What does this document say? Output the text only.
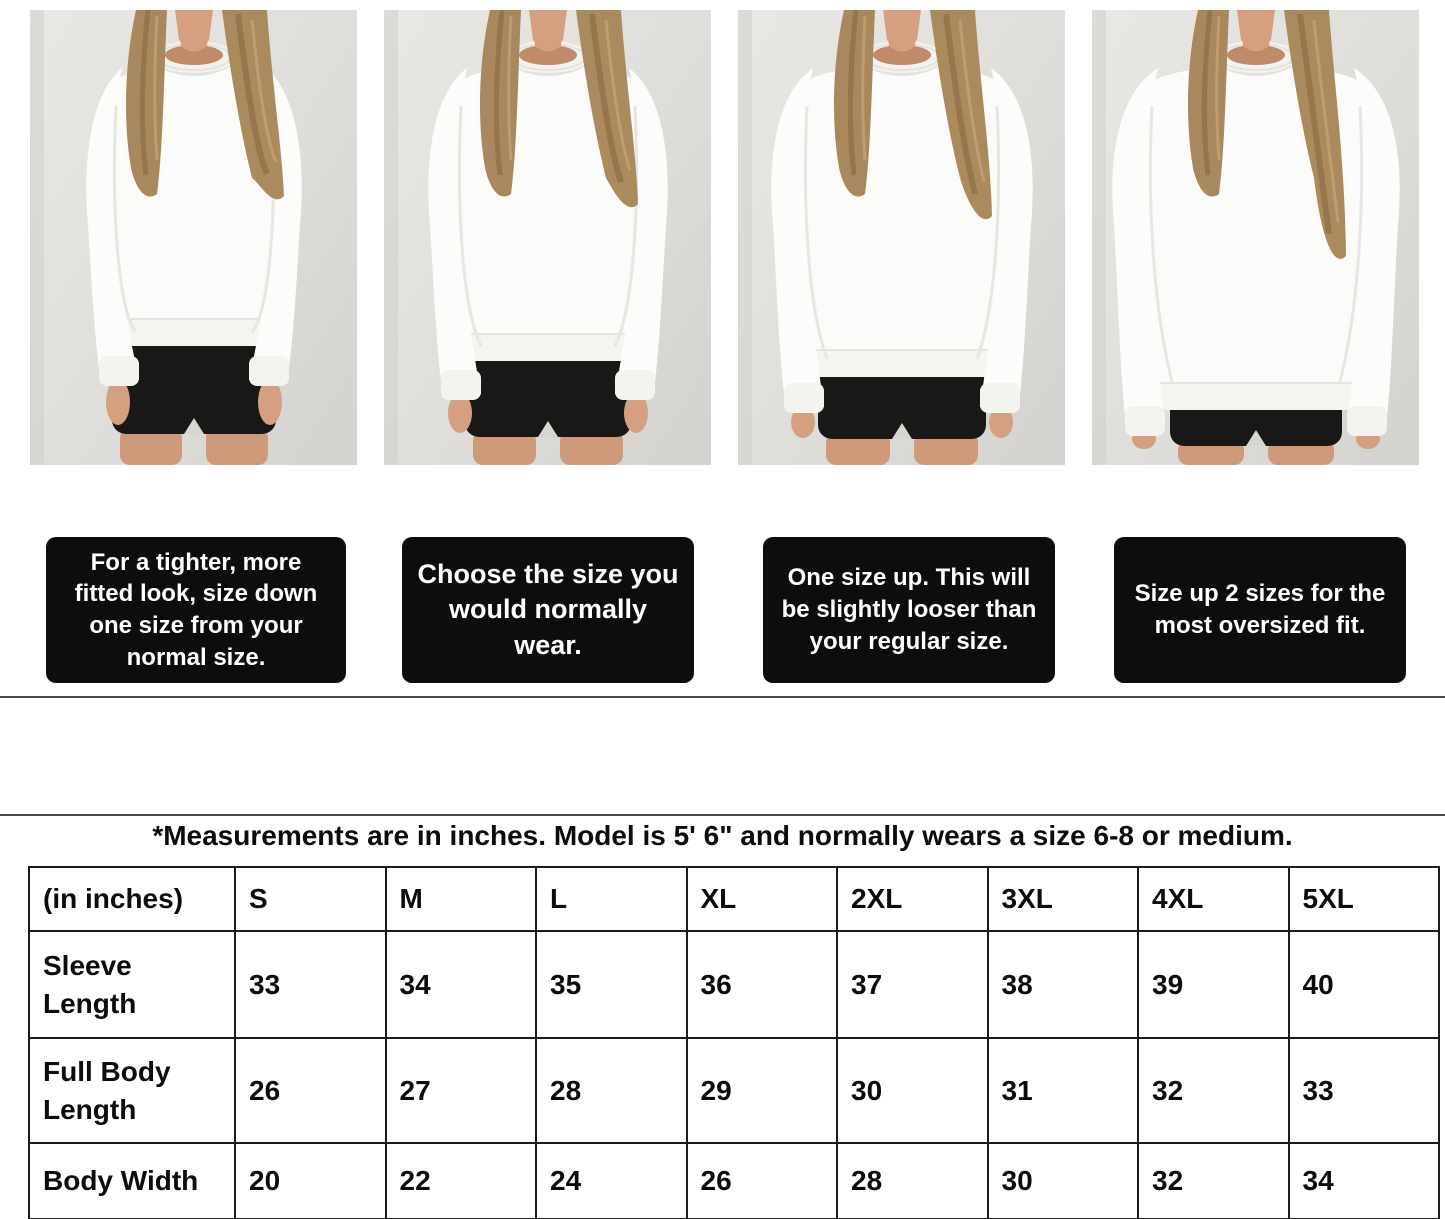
For a tighter, more fitted look, size down one size from your normal size.
Choose the size you would normally wear.
One size up. This will be slightly looser than your regular size.
Size up 2 sizes for the most oversized fit.
*Measurements are in inches. Model is 5' 6" and normally wears a size 6-8 or medium.
(in inches)	S	M	L	XL	2XL	3XL	4XL	5XL
Sleeve Length	33	34	35	36	37	38	39	40
Full Body Length	26	27	28	29	30	31	32	33
Body Width	20	22	24	26	28	30	32	34
